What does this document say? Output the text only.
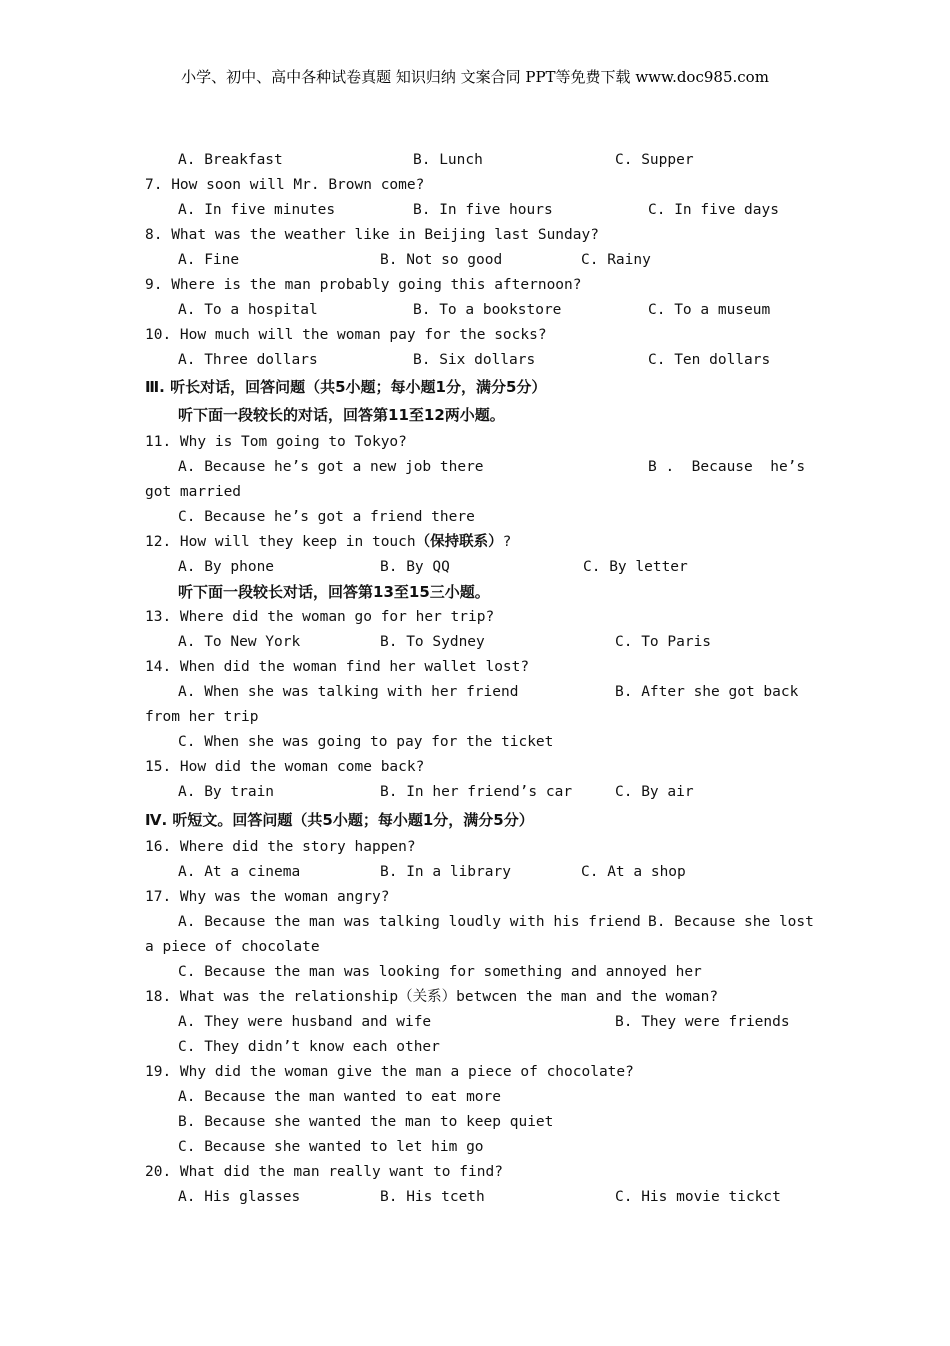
小学、初中、高中各种试卷真题 知识归纳 文案合同 PPT等免费下载 www.doc985.com
A. Breakfast	B. Lunch	C. Supper
7. How soon will Mr. Brown come?
A. In five minutes	B. In five hours	C. In five days
8. What was the weather like in Beijing last Sunday?
A. Fine	B. Not so good	C. Rainy
9. Where is the man probably going this afternoon?
A. To a hospital	B. To a bookstore	C. To a museum
10. How much will the woman pay for the socks?
A. Three dollars	B. Six dollars	C. Ten dollars
Ⅲ. 听长对话，回答问题（共5小题；每小题1分，满分5分）
听下面一段较长的对话，回答第11至12两小题。
11. Why is Tom going to Tokyo?
A. Because he’s got a new job there	B .  Because  he’s
got married
C. Because he’s got a friend there
12. How will they keep in touch（保持联系）?
A. By phone	B. By QQ	C. By letter
听下面一段较长对话，回答第13至15三小题。
13. Where did the woman go for her trip?
A. To New York	B. To Sydney	C. To Paris
14. When did the woman find her wallet lost?
A. When she was talking with her friend	B. After she got back
from her trip
C. When she was going to pay for the ticket
15. How did the woman come back?
A. By train	B. In her friend’s car	C. By air
Ⅳ. 听短文。回答问题（共5小题；每小题1分，满分5分）
16. Where did the story happen?
A. At a cinema	B. In a library	C. At a shop
17. Why was the woman angry?
A. Because the man was talking loudly with his friend B. Because she lost
a piece of chocolate
C. Because the man was looking for something and annoyed her
18. What was the relationship（关系）betwcen the man and the woman?
A. They were husband and wife	B. They were friends
C. They didn’t know each other
19. Why did the woman give the man a piece of chocolate?
A. Because the man wanted to eat more
B. Because she wanted the man to keep quiet
C. Because she wanted to let him go
20. What did the man really want to find?
A. His glasses	B. His tceth	C. His movie tickct
